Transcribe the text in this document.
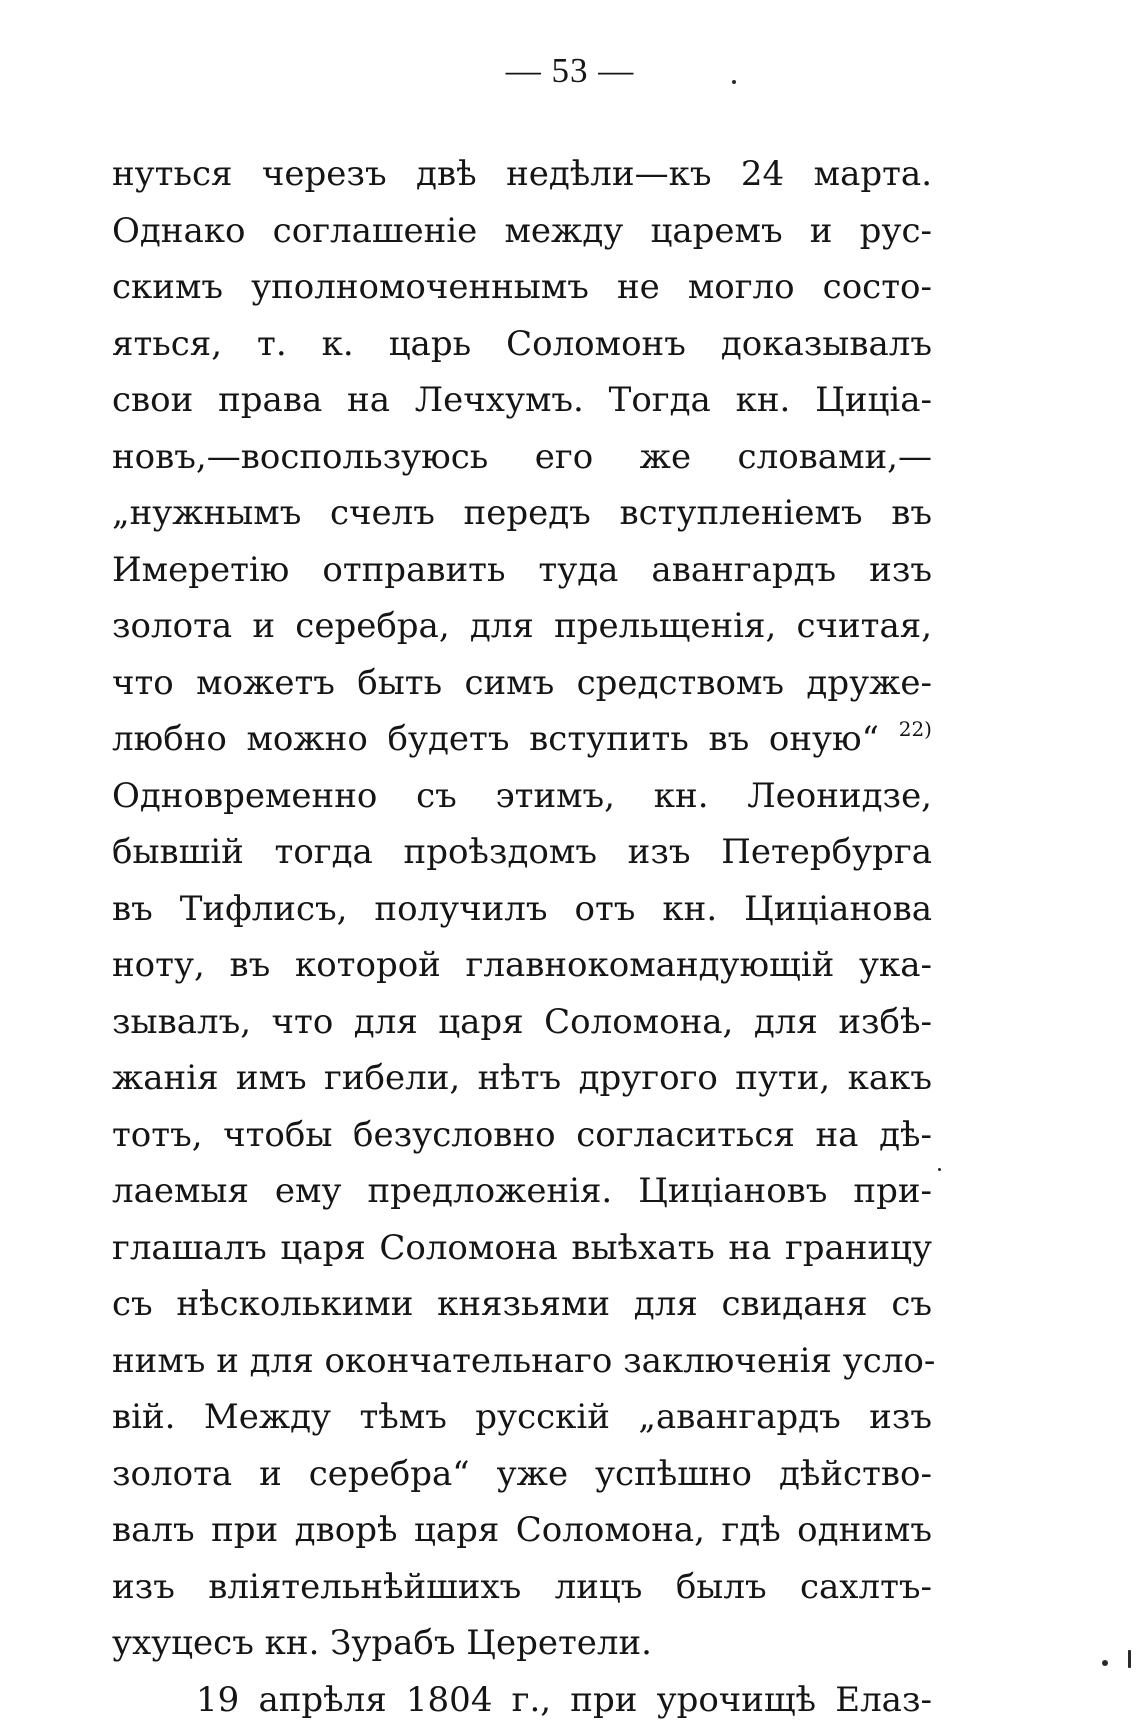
— 53 —
нуться черезъ двѣ недѣли—къ 24 марта.
Однако соглашеніе между царемъ и рус-
скимъ уполномоченнымъ не могло состо-
яться, т. к. царь Соломонъ доказывалъ
свои права на Лечхумъ. Тогда кн. Циціа-
новъ,—воспользуюсь его же словами,—
„нужнымъ счелъ передъ вступленіемъ въ
Имеретію отправить туда авангардъ изъ
золота и серебра, для прельщенія, считая,
что можетъ быть симъ средствомъ друже-
любно можно будетъ вступить въ оную“ $^{22)}$
Одновременно съ этимъ, кн. Леонидзе,
бывшій тогда проѣздомъ изъ Петербурга
въ Тифлисъ, получилъ отъ кн. Циціанова
ноту, въ которой главнокомандующій ука-
зывалъ, что для царя Соломона, для избѣ-
жанія имъ гибели, нѣтъ другого пути, какъ
тотъ, чтобы безусловно согласиться на дѣ-
лаемыя ему предложенія. Циціановъ при-
глашалъ царя Соломона выѣхать на границу
съ нѣсколькими князьями для свиданя съ
нимъ и для окончательнаго заключенія усло-
вій. Между тѣмъ русскій „авангардъ изъ
золота и серебра“ уже успѣшно дѣйство-
валъ при дворѣ царя Соломона, гдѣ однимъ
изъ вліятельнѣйшихъ лицъ былъ сахлтъ-
ухуцесъ кн. Зурабъ Церетели.
19 апрѣля 1804 г., при урочищѣ Елаз-
